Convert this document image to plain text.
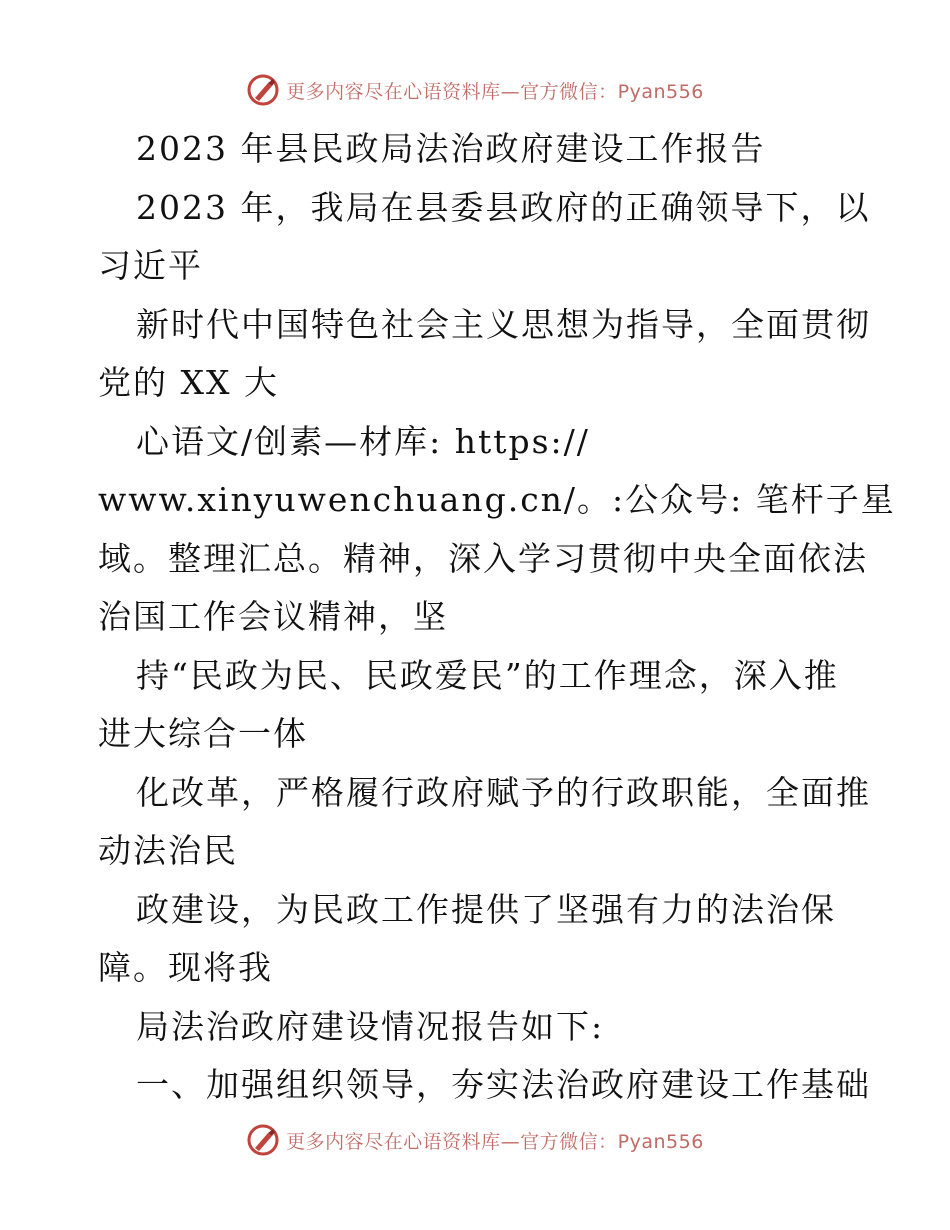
更多内容尽在心语资料库—官方微信：Pyan556
2023 年县民政局法治政府建设工作报告
2023 年，我局在县委县政府的正确领导下，以
习近平
新时代中国特色社会主义思想为指导，全面贯彻
党的 XX 大
心语文/创素—材库: https://
www.xinyuwenchuang.cn/。:公众号: 笔杆子星
域。整理汇总。精神，深入学习贯彻中央全面依法
治国工作会议精神，坚
持“民政为民、民政爱民”的工作理念，深入推
进大综合一体
化改革，严格履行政府赋予的行政职能，全面推
动法治民
政建设，为民政工作提供了坚强有力的法治保
障。现将我
局法治政府建设情况报告如下:
一、加强组织领导，夯实法治政府建设工作基础
更多内容尽在心语资料库—官方微信：Pyan556
